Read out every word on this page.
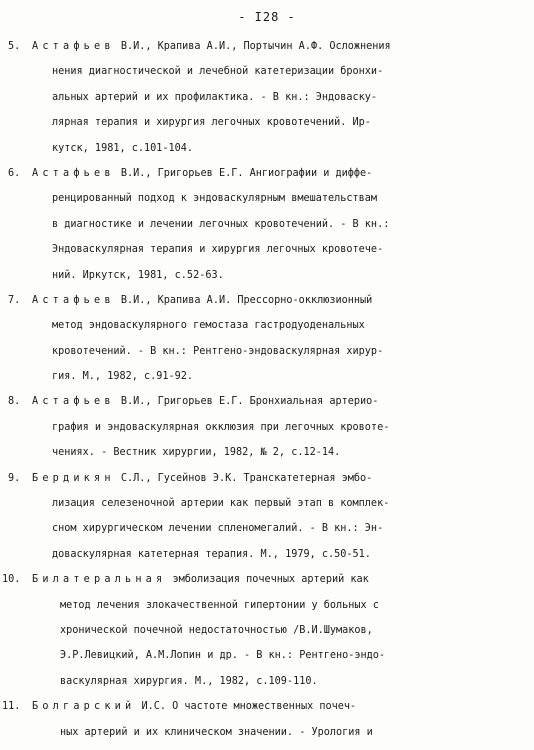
- I28 -
5.	Астафьев В.И., Крапива А.И., Портычин А.Ф. Осложнения
нения диагностической и лечебной катетеризации бронхи-
альных артерий и их профилактика. - В кн.: Эндоваску-
лярная терапия и хирургия легочных кровотечений. Ир-
кутск, 1981, с.101-104.
6.	Астафьев В.И., Григорьев Е.Г. Ангиографии и диффе-
ренцированный подход к эндоваскулярным вмешательствам
в диагностике и лечении легочных кровотечений. - В кн.:
Эндоваскулярная терапия и хирургия легочных кровотече-
ний. Иркутск, 1981, с.52-63.
7.	Астафьев В.И., Крапива А.И. Прессорно-окклюзионный
метод эндоваскулярного гемостаза гастродуоденальных
кровотечений. - В кн.: Рентгено-эндоваскулярная хирур-
гия. М., 1982, с.91-92.
8.	Астафьев В.И., Григорьев Е.Г. Бронхиальная артерио-
графия и эндоваскулярная окклюзия при легочных кровоте-
чениях. - Вестник хирургии, 1982, № 2, с.12-14.
9.	Бердикян С.Л., Гусейнов Э.К. Транскатетерная эмбо-
лизация селезеночной артерии как первый этап в комплек-
сном хирургическом лечении спленомегалий. - В кн.: Эн-
доваскулярная катетерная терапия. М., 1979, с.50-51.
10.	Билатеральная эмболизация почечных артерий как
метод лечения злокачественной гипертонии у больных с
хронической почечной недостаточностью /В.И.Шумаков,
Э.Р.Левицкий, А.М.Лопин и др. - В кн.: Рентгено-эндо-
васкулярная хирургия. М., 1982, с.109-110.
11.	Болгарский И.С. О частоте множественных почеч-
ных артерий и их клиническом значении. - Урология и
